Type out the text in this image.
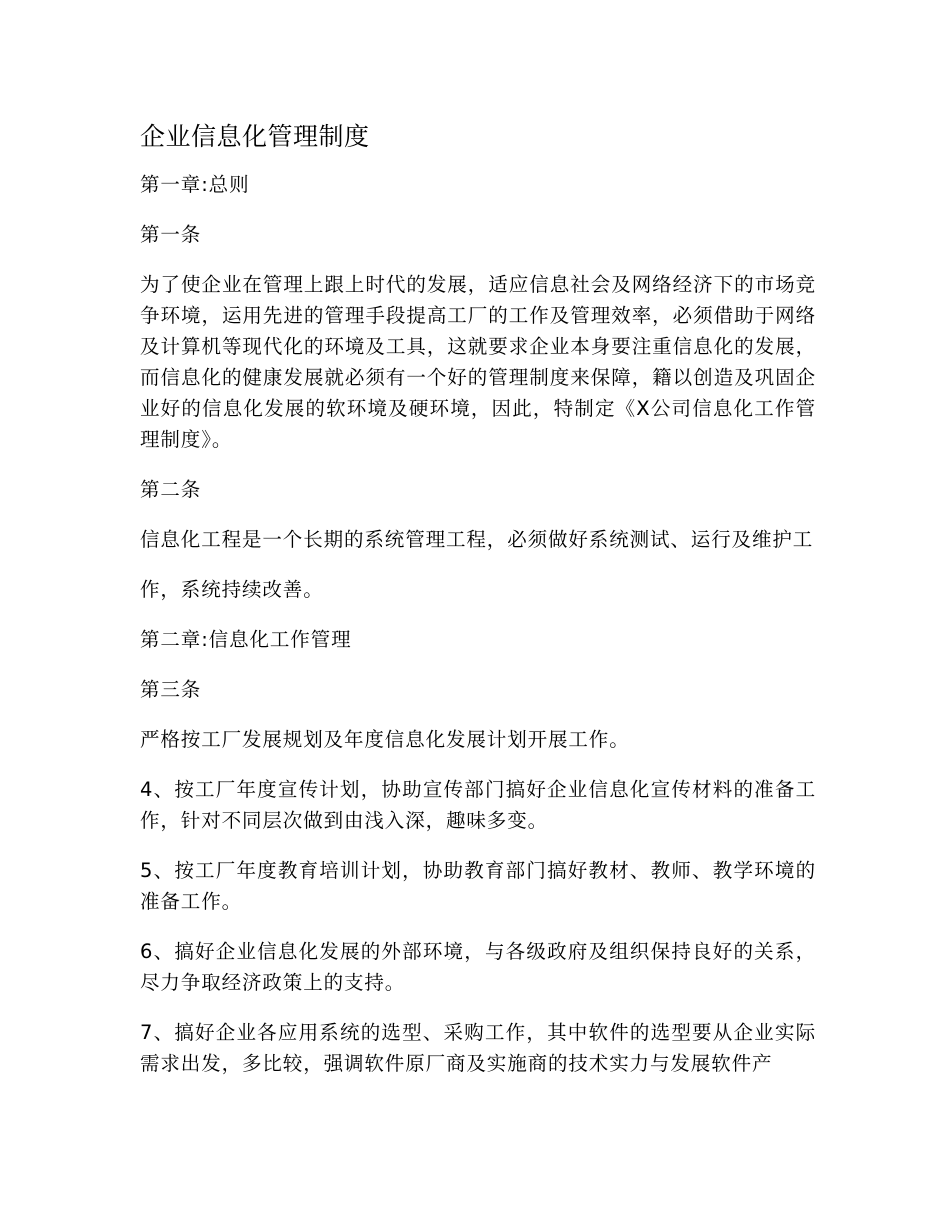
企业信息化管理制度

第一章:总则

第一条

为了使企业在管理上跟上时代的发展，适应信息社会及网络经济下的市场竞争环境，运用先进的管理手段提高工厂的工作及管理效率，必须借助于网络及计算机等现代化的环境及工具，这就要求企业本身要注重信息化的发展，而信息化的健康发展就必须有一个好的管理制度来保障，籍以创造及巩固企业好的信息化发展的软环境及硬环境，因此，特制定《X公司信息化工作管理制度》。

第二条

信息化工程是一个长期的系统管理工程，必须做好系统测试、运行及维护工

作，系统持续改善。

第二章:信息化工作管理

第三条

严格按工厂发展规划及年度信息化发展计划开展工作。

4、按工厂年度宣传计划，协助宣传部门搞好企业信息化宣传材料的准备工作，针对不同层次做到由浅入深，趣味多变。

5、按工厂年度教育培训计划，协助教育部门搞好教材、教师、教学环境的准备工作。

6、搞好企业信息化发展的外部环境，与各级政府及组织保持良好的关系，尽力争取经济政策上的支持。

7、搞好企业各应用系统的选型、采购工作，其中软件的选型要从企业实际需求出发，多比较，强调软件原厂商及实施商的技术实力与发展软件产
